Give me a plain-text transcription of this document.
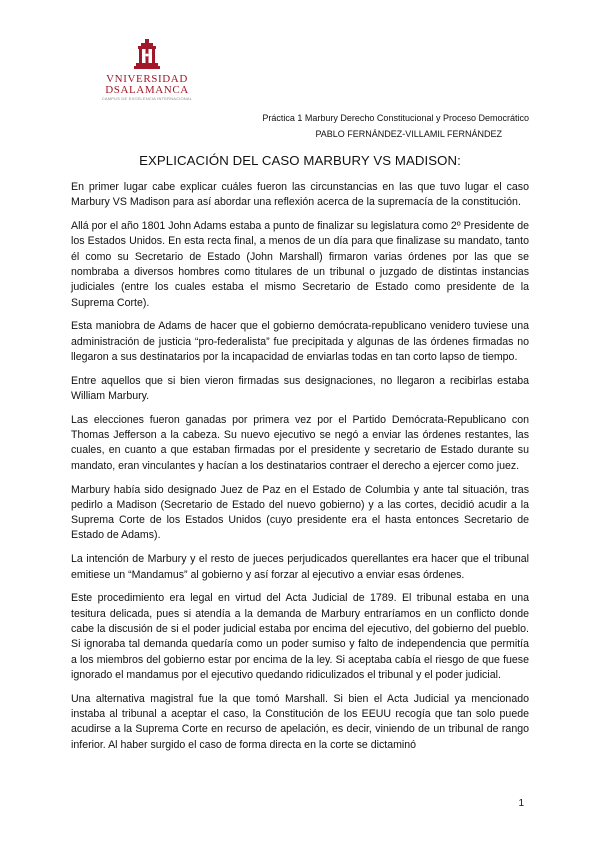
VNIVERSIDAD
DSALAMANCA
CAMPUS DE EXCELENCIA INTERNACIONAL
Práctica 1 Marbury Derecho Constitucional y Proceso Democrático
PABLO FERNÁNDEZ-VILLAMIL FERNÁNDEZ
EXPLICACIÓN DEL CASO MARBURY VS MADISON:

En primer lugar cabe explicar cuáles fueron las circunstancias en las que tuvo lugar el caso Marbury VS Madison para así abordar una reflexión acerca de la supremacía de la constitución.

Allá por el año 1801 John Adams estaba a punto de finalizar su legislatura como 2º Presidente de los Estados Unidos. En esta recta final, a menos de un día para que finalizase su mandato, tanto él como su Secretario de Estado (John Marshall) firmaron varias órdenes por las que se nombraba a diversos hombres como titulares de un tribunal o juzgado de distintas instancias judiciales (entre los cuales estaba el mismo Secretario de Estado como presidente de la Suprema Corte).

Esta maniobra de Adams de hacer que el gobierno demócrata-republicano venidero tuviese una administración de justicia “pro-federalista” fue precipitada y algunas de las órdenes firmadas no llegaron a sus destinatarios por la incapacidad de enviarlas todas en tan corto lapso de tiempo.

Entre aquellos que si bien vieron firmadas sus designaciones, no llegaron a recibirlas estaba William Marbury.

Las elecciones fueron ganadas por primera vez por el Partido Demócrata-Republicano con Thomas Jefferson a la cabeza. Su nuevo ejecutivo se negó a enviar las órdenes restantes, las cuales, en cuanto a que estaban firmadas por el presidente y secretario de Estado durante su mandato, eran vinculantes y hacían a los destinatarios contraer el derecho a ejercer como juez.

Marbury había sido designado Juez de Paz en el Estado de Columbia y ante tal situación, tras pedirlo a Madison (Secretario de Estado del nuevo gobierno) y a las cortes, decidió acudir a la Suprema Corte de los Estados Unidos (cuyo presidente era el hasta entonces Secretario de Estado de Adams).

La intención de Marbury y el resto de jueces perjudicados querellantes era hacer que el tribunal emitiese un “Mandamus” al gobierno y así forzar al ejecutivo a enviar esas órdenes.

Este procedimiento era legal en virtud del Acta Judicial de 1789. El tribunal estaba en una tesitura delicada, pues si atendía a la demanda de Marbury entraríamos en un conflicto donde cabe la discusión de si el poder judicial estaba por encima del ejecutivo, del gobierno del pueblo. Si ignoraba tal demanda quedaría como un poder sumiso y falto de independencia que permitía a los miembros del gobierno estar por encima de la ley. Si aceptaba cabía el riesgo de que fuese ignorado el mandamus por el ejecutivo quedando ridiculizados el tribunal y el poder judicial.

Una alternativa magistral fue la que tomó Marshall. Si bien el Acta Judicial ya mencionado instaba al tribunal a aceptar el caso, la Constitución de los EEUU recogía que tan solo puede acudirse a la Suprema Corte en recurso de apelación, es decir, viniendo de un tribunal de rango inferior. Al haber surgido el caso de forma directa en la corte se dictaminó

1
